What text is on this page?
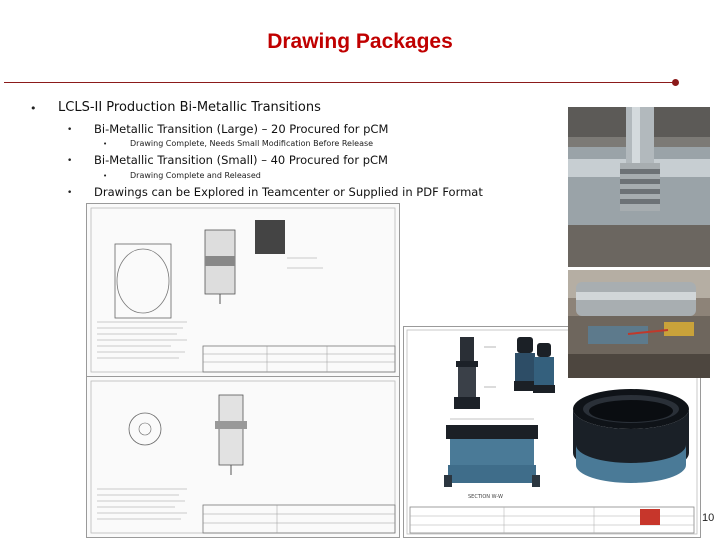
Drawing Packages
• LCLS-II Production Bi-Metallic Transitions
• Bi-Metallic Transition (Large) – 20 Procured for pCM
•	Drawing Complete, Needs Small Modification Before Release
• Bi-Metallic Transition (Small) – 40 Procured for pCM
•	Drawing Complete and Released
• Drawings can be Explored in Teamcenter or Supplied in PDF Format
SECTION W-W
10
